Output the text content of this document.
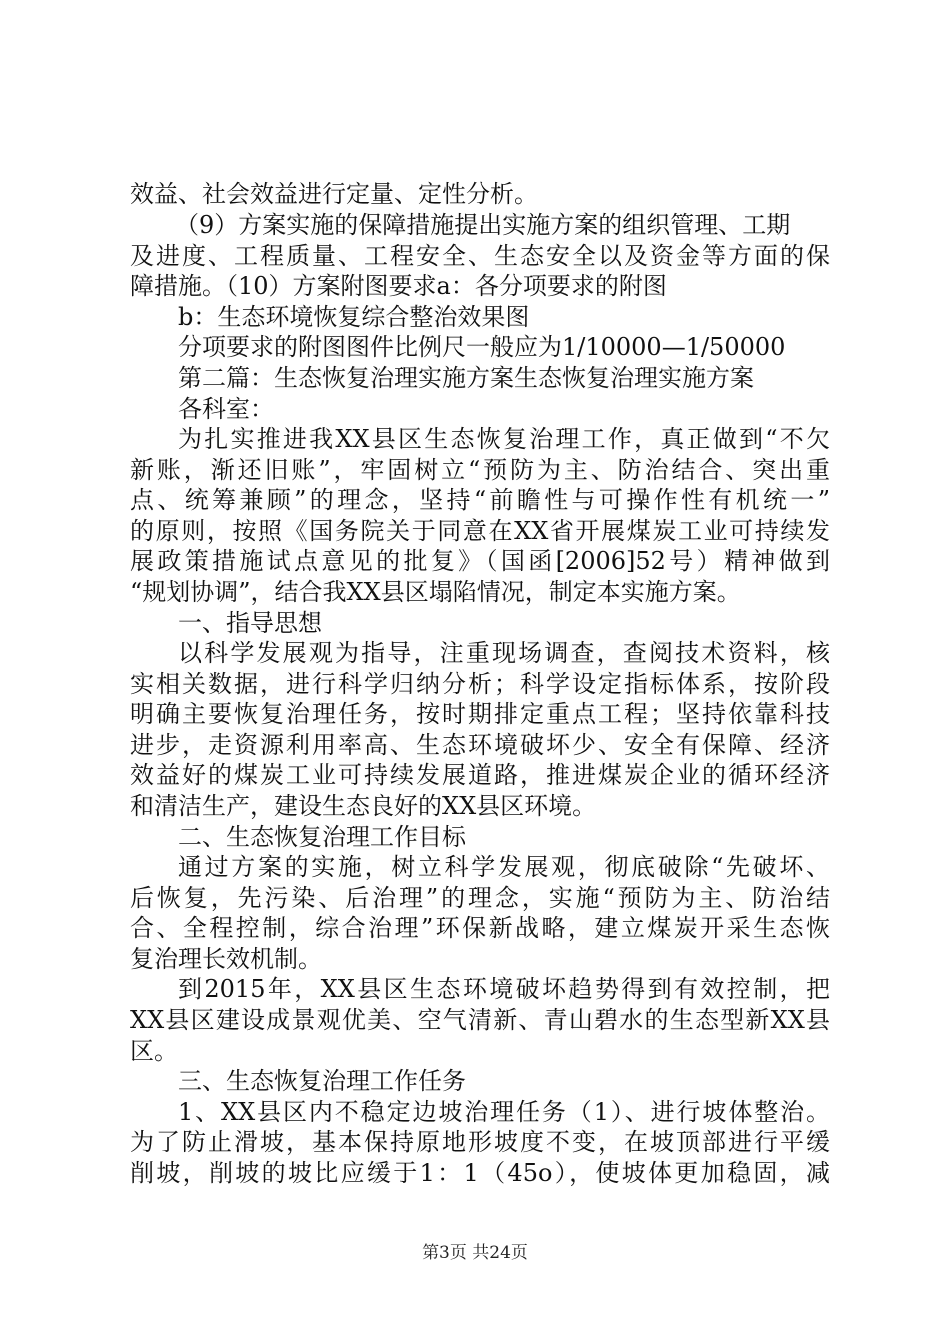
效益、社会效益进行定量、定性分析。
（9）方案实施的保障措施提出实施方案的组织管理、工期
及进度、工程质量、工程安全、生态安全以及资金等方面的保
障措施。（10）方案附图要求a：各分项要求的附图
b：生态环境恢复综合整治效果图
分项要求的附图图件比例尺一般应为1/10000—1/50000
第二篇：生态恢复治理实施方案生态恢复治理实施方案
各科室：
为扎实推进我XX县区生态恢复治理工作，真正做到“不欠
新账，渐还旧账”，牢固树立“预防为主、防治结合、突出重
点、统筹兼顾”的理念，坚持“前瞻性与可操作性有机统一”
的原则，按照《国务院关于同意在XX省开展煤炭工业可持续发
展政策措施试点意见的批复》（国函[2006]52号）精神做到
“规划协调”，结合我XX县区塌陷情况，制定本实施方案。
一、指导思想
以科学发展观为指导，注重现场调查，查阅技术资料，核
实相关数据，进行科学归纳分析；科学设定指标体系，按阶段
明确主要恢复治理任务，按时期排定重点工程；坚持依靠科技
进步，走资源利用率高、生态环境破坏少、安全有保障、经济
效益好的煤炭工业可持续发展道路，推进煤炭企业的循环经济
和清洁生产，建设生态良好的XX县区环境。
二、生态恢复治理工作目标
通过方案的实施，树立科学发展观，彻底破除“先破坏、
后恢复，先污染、后治理”的理念，实施“预防为主、防治结
合、全程控制，综合治理”环保新战略，建立煤炭开采生态恢
复治理长效机制。
到2015年，XX县区生态环境破坏趋势得到有效控制，把
XX县区建设成景观优美、空气清新、青山碧水的生态型新XX县
区。
三、生态恢复治理工作任务
1、XX县区内不稳定边坡治理任务（1）、进行坡体整治。
为了防止滑坡，基本保持原地形坡度不变，在坡顶部进行平缓
削坡，削坡的坡比应缓于1：1（45o），使坡体更加稳固，减
第3页 共24页
